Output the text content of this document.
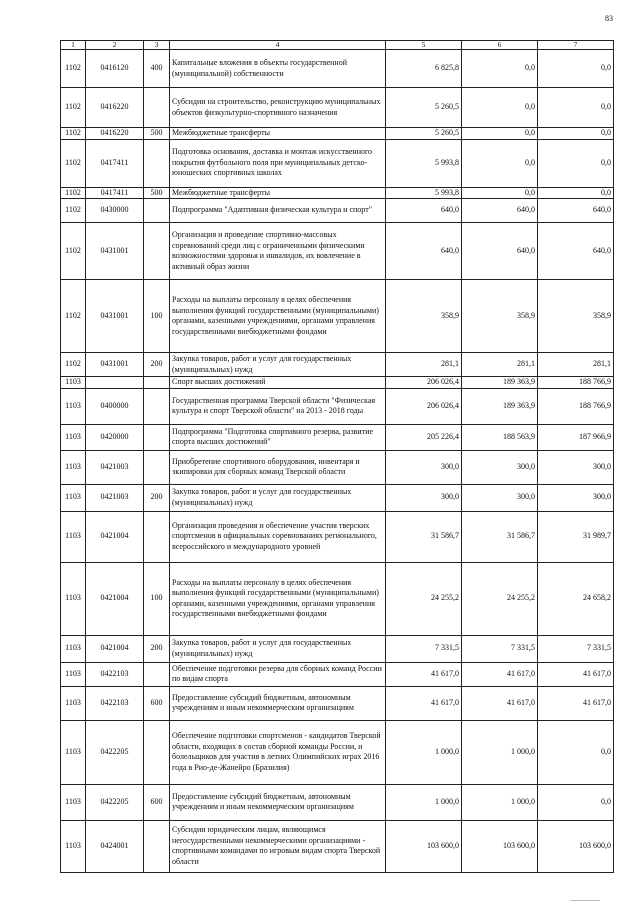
83
1	2	3	4	5	6	7
1102	0416120	400	Капитальные вложения в объекты государственной (муниципальной) собственности	6 825,8	0,0	0,0
1102	0416220		Субсидии на строительство, реконструкцию муниципальных объектов физкультурно-спортивного назначения	5 260,5	0,0	0,0
1102	0416220	500	Межбюджетные трансферты	5 260,5	0,0	0,0
1102	0417411		Подготовка основания, доставка и монтаж искусственного покрытия футбольного поля при муниципальных детско-юношеских спортивных школах	5 993,8	0,0	0,0
1102	0417411	500	Межбюджетные трансферты	5 993,8	0,0	0,0
1102	0430000		Подпрограмма "Адаптивная физическая культура и спорт"	640,0	640,0	640,0
1102	0431001		Организация и проведение спортивно-массовых соревнований среди лиц с ограниченными физическими возможностями здоровья и инвалидов, их вовлечение в активный образ жизни	640,0	640,0	640,0
1102	0431001	100	Расходы на выплаты персоналу в целях обеспечения выполнения функций государственными (муниципальными) органами, казенными учреждениями, органами управления государственными внебюджетными фондами	358,9	358,9	358,9
1102	0431001	200	Закупка товаров, работ и услуг для государственных (муниципальных) нужд	281,1	281,1	281,1
1103			Спорт высших достижений	206 026,4	189 363,9	188 766,9
1103	0400000		Государственная программа Тверской области "Физическая культура и спорт Тверской области" на 2013 - 2018 годы	206 026,4	189 363,9	188 766,9
1103	0420000		Подпрограмма "Подготовка спортивного резерва, развитие спорта высших достижений"	205 226,4	188 563,9	187 966,9
1103	0421003		Приобретение спортивного оборудования, инвентаря и экипировки для сборных команд Тверской области	300,0	300,0	300,0
1103	0421003	200	Закупка товаров, работ и услуг для государственных (муниципальных) нужд	300,0	300,0	300,0
1103	0421004		Организация проведения и обеспечение участия тверских спортсменов в официальных соревнованиях регионального, всероссийского и международного уровней	31 586,7	31 586,7	31 989,7
1103	0421004	100	Расходы на выплаты персоналу в целях обеспечения выполнения функций государственными (муниципальными) органами, казенными учреждениями, органами управления государственными внебюджетными фондами	24 255,2	24 255,2	24 658,2
1103	0421004	200	Закупка товаров, работ и услуг для государственных (муниципальных) нужд	7 331,5	7 331,5	7 331,5
1103	0422103		Обеспечение подготовки резерва для сборных команд России по видам спорта	41 617,0	41 617,0	41 617,0
1103	0422103	600	Предоставление субсидий бюджетным, автономным учреждениям и иным некоммерческим организациям	41 617,0	41 617,0	41 617,0
1103	0422205		Обеспечение подготовки спортсменов - кандидатов Тверской области, входящих в состав сборной команды России, и болельщиков для участия в летних Олимпийских играх 2016 года в Рио-де-Жанейро (Бразилия)	1 000,0	1 000,0	0,0
1103	0422205	600	Предоставление субсидий бюджетным, автономным учреждениям и иным некоммерческим организациям	1 000,0	1 000,0	0,0
1103	0424001		Субсидии юридическим лицам, являющимся негосударственными некоммерческими организациями - спортивными командами по игровым видам спорта Тверской области	103 600,0	103 600,0	103 600,0
